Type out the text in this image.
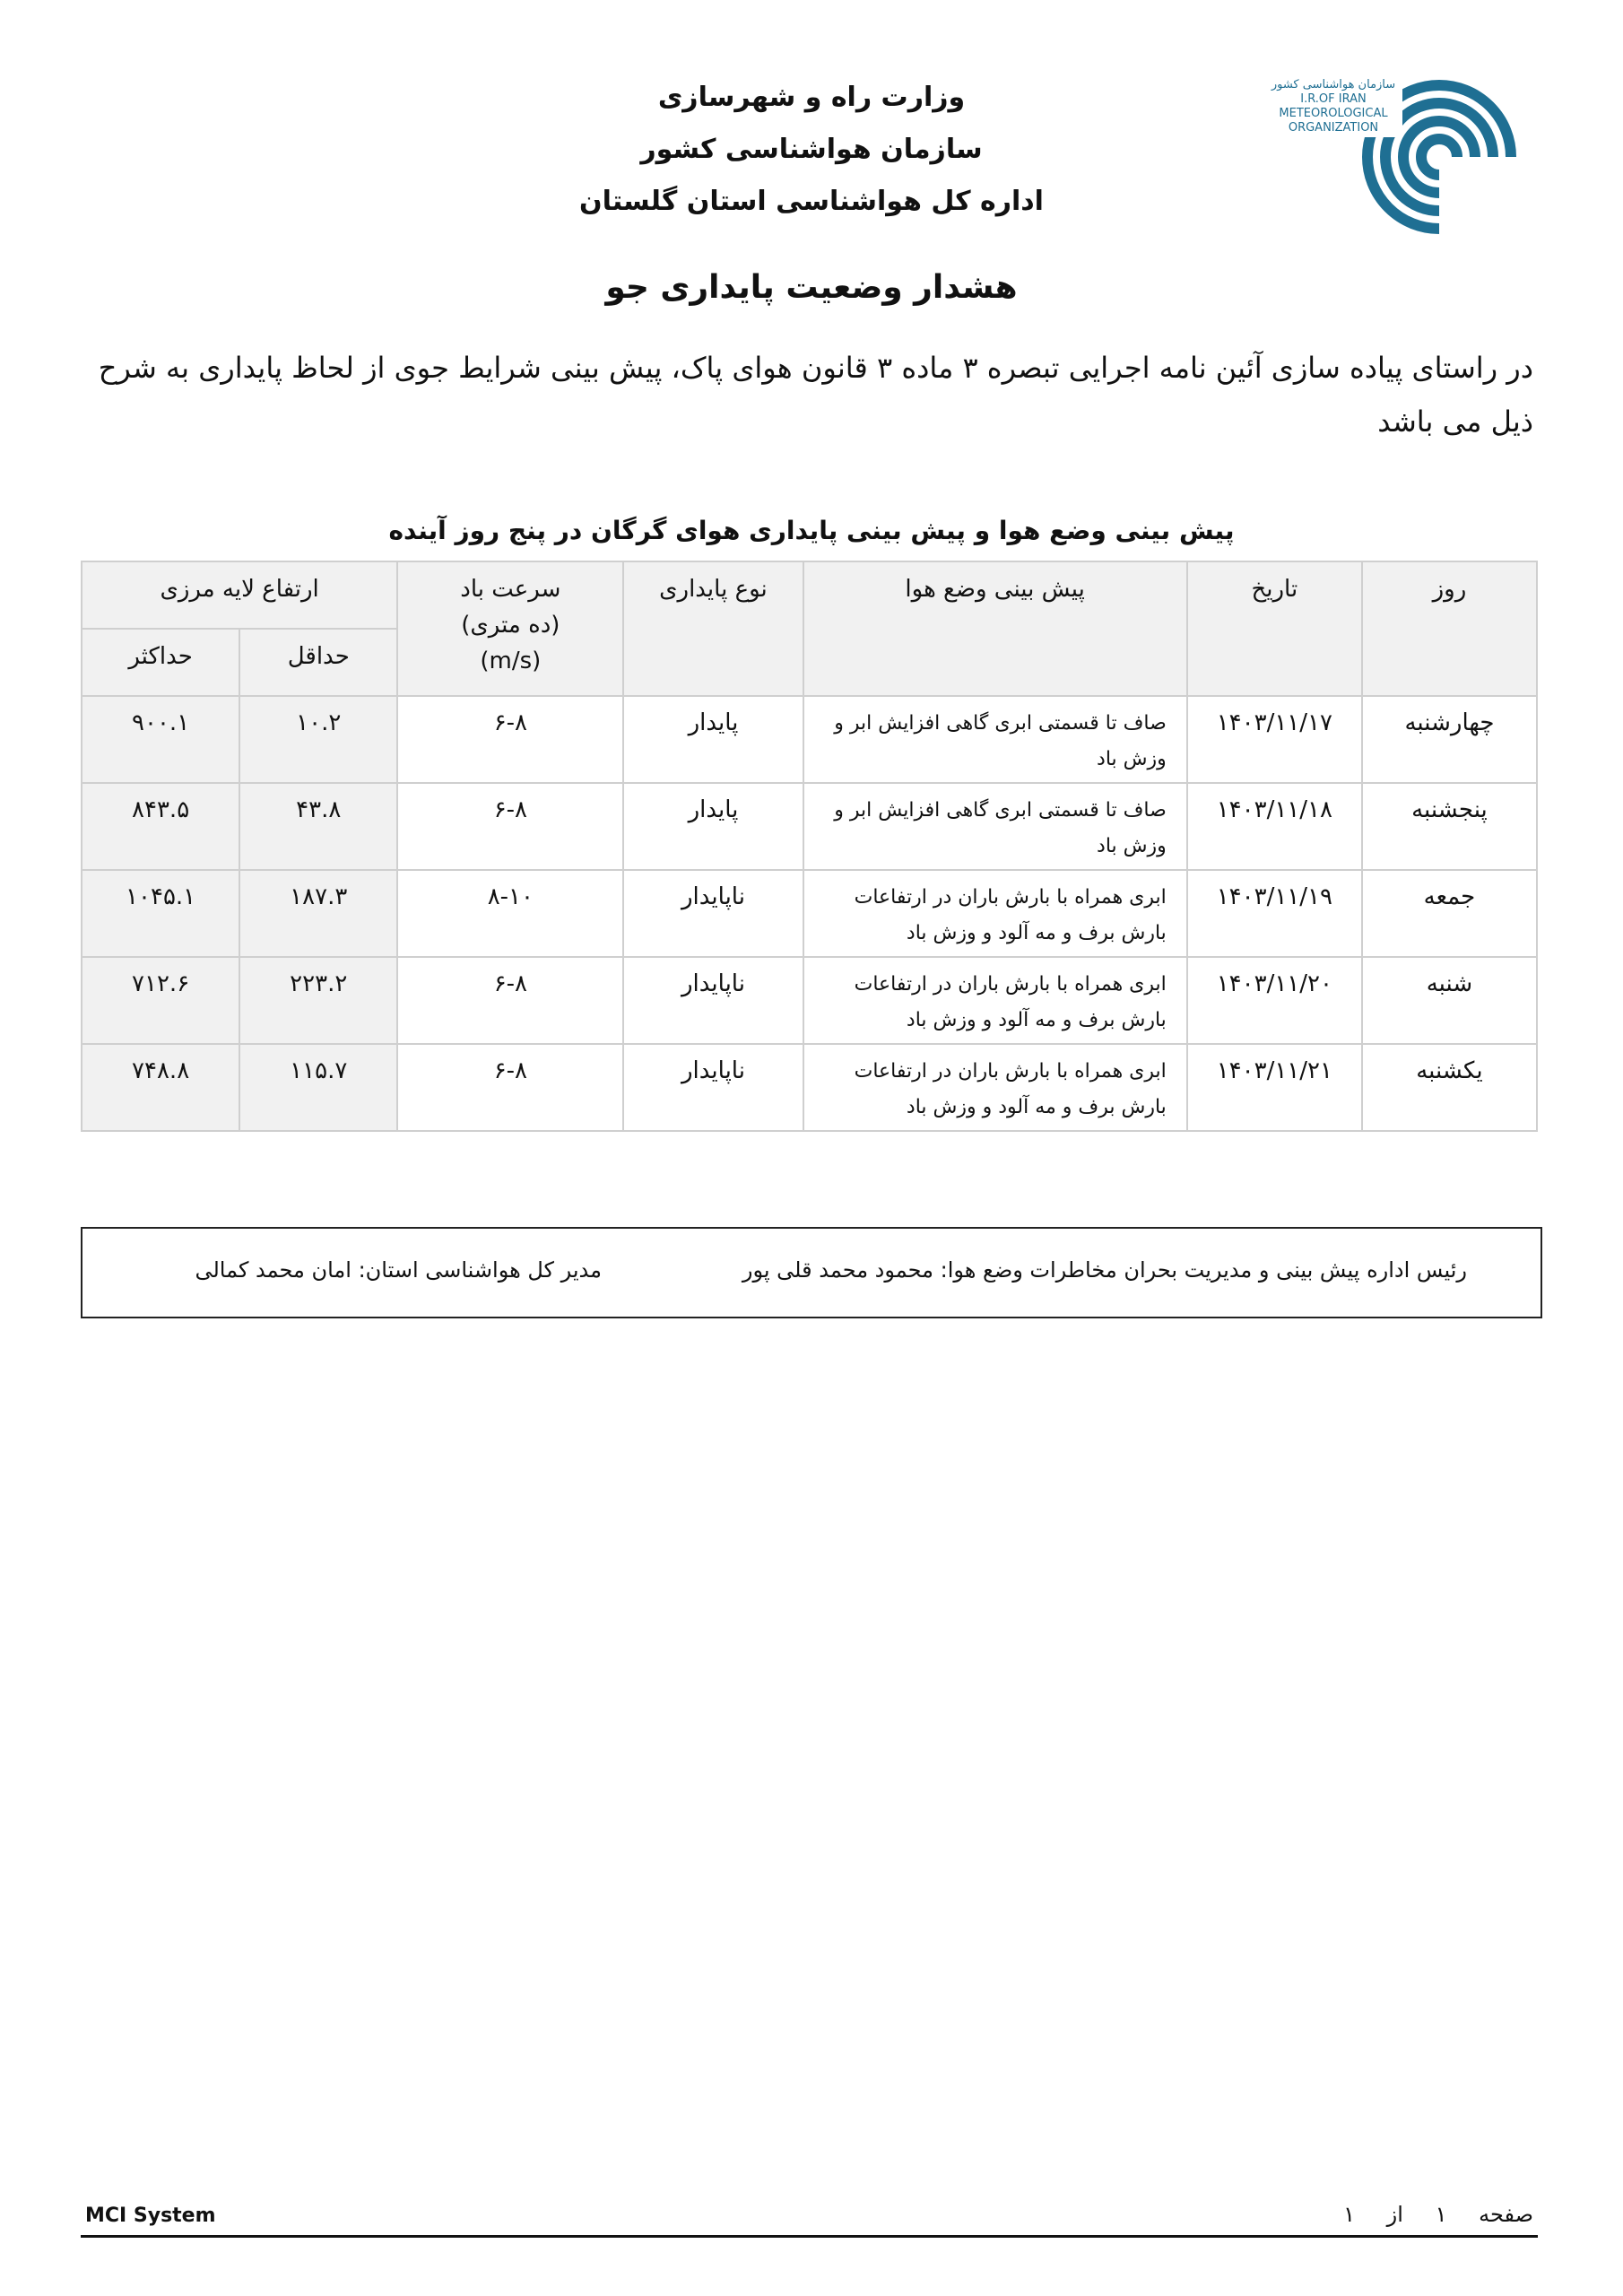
سازمان هواشناسی کشور
I.R.OF IRAN
METEOROLOGICAL
ORGANIZATION
وزارت راه و شهرسازی
سازمان هواشناسی کشور
اداره کل هواشناسی استان گلستان
هشدار وضعیت پایداری جو
در راستای پیاده سازی آئین نامه اجرایی تبصره ۳ ماده ۳ قانون هوای پاک، پیش بینی شرایط جوی از لحاظ پایداری به شرح ذیل می باشد
پیش بینی وضع هوا و پیش بینی پایداری هوای گرگان در پنج روز آینده
روز	تاریخ	پیش بینی وضع هوا	نوع پایداری	سرعت باد
(ده متری)
(m/s)	ارتفاع لایه مرزی	
					حداقل	حداکثر
چهارشنبه	۱۴۰۳/۱۱/۱۷	صاف تا قسمتی ابری گاهی افزایش ابر و وزش باد	پایدار	۶-۸	۱۰.۲	۹۰۰.۱
پنجشنبه	۱۴۰۳/۱۱/۱۸	صاف تا قسمتی ابری گاهی افزایش ابر و وزش باد	پایدار	۶-۸	۴۳.۸	۸۴۳.۵
جمعه	۱۴۰۳/۱۱/۱۹	ابری همراه با بارش باران در ارتفاعات بارش برف و مه آلود و وزش باد	ناپایدار	۸-۱۰	۱۸۷.۳	۱۰۴۵.۱
شنبه	۱۴۰۳/۱۱/۲۰	ابری همراه با بارش باران در ارتفاعات بارش برف و مه آلود و وزش باد	ناپایدار	۶-۸	۲۲۳.۲	۷۱۲.۶
یکشنبه	۱۴۰۳/۱۱/۲۱	ابری همراه با بارش باران در ارتفاعات بارش برف و مه آلود و وزش باد	ناپایدار	۶-۸	۱۱۵.۷	۷۴۸.۸
رئیس اداره پیش بینی و مدیریت بحران مخاطرات وضع هوا: محمود محمد قلی پور
مدیر کل هواشناسی استان: امان محمد کمالی
MCI System	صفحه ۱ از ۱
